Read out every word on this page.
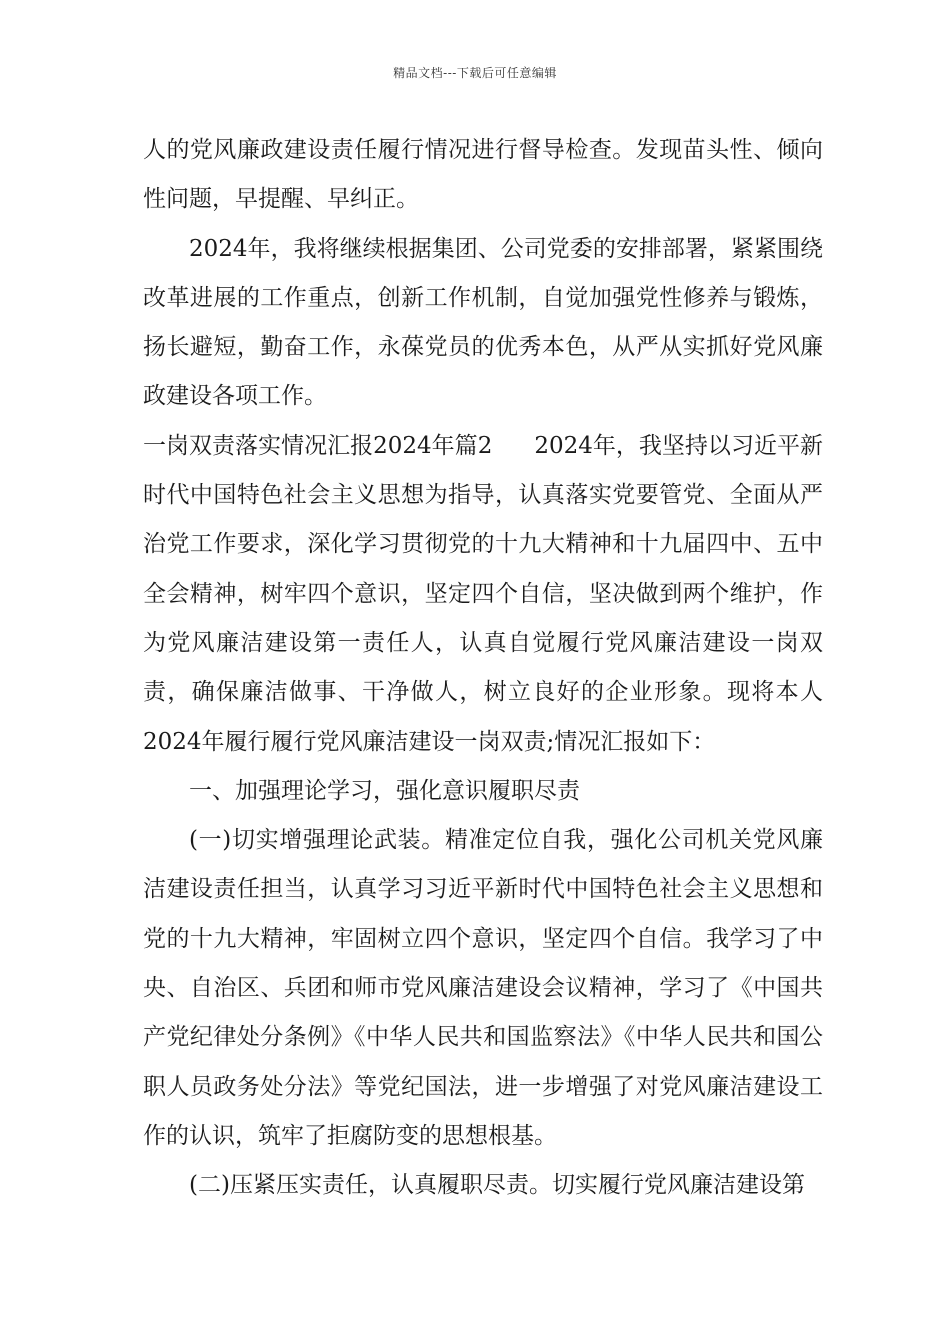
精品文档---下载后可任意编辑

人的党风廉政建设责任履行情况进行督导检查。发现苗头性、倾向性问题，早提醒、早纠正。

2024年，我将继续根据集团、公司党委的安排部署，紧紧围绕改革进展的工作重点，创新工作机制，自觉加强党性修养与锻炼，扬长避短，勤奋工作，永葆党员的优秀本色，从严从实抓好党风廉政建设各项工作。

一岗双责落实情况汇报2024年篇2 2024年，我坚持以习近平新时代中国特色社会主义思想为指导，认真落实党要管党、全面从严治党工作要求，深化学习贯彻党的十九大精神和十九届四中、五中全会精神，树牢四个意识，坚定四个自信，坚决做到两个维护，作为党风廉洁建设第一责任人，认真自觉履行党风廉洁建设一岗双责，确保廉洁做事、干净做人，树立良好的企业形象。现将本人2024年履行履行党风廉洁建设一岗双责;情况汇报如下：

一、加强理论学习，强化意识履职尽责

(一)切实增强理论武装。精准定位自我，强化公司机关党风廉洁建设责任担当，认真学习习近平新时代中国特色社会主义思想和党的十九大精神，牢固树立四个意识，坚定四个自信。我学习了中央、自治区、兵团和师市党风廉洁建设会议精神，学习了《中国共产党纪律处分条例》《中华人民共和国监察法》《中华人民共和国公职人员政务处分法》等党纪国法，进一步增强了对党风廉洁建设工作的认识，筑牢了拒腐防变的思想根基。

(二)压紧压实责任，认真履职尽责。切实履行党风廉洁建设第
